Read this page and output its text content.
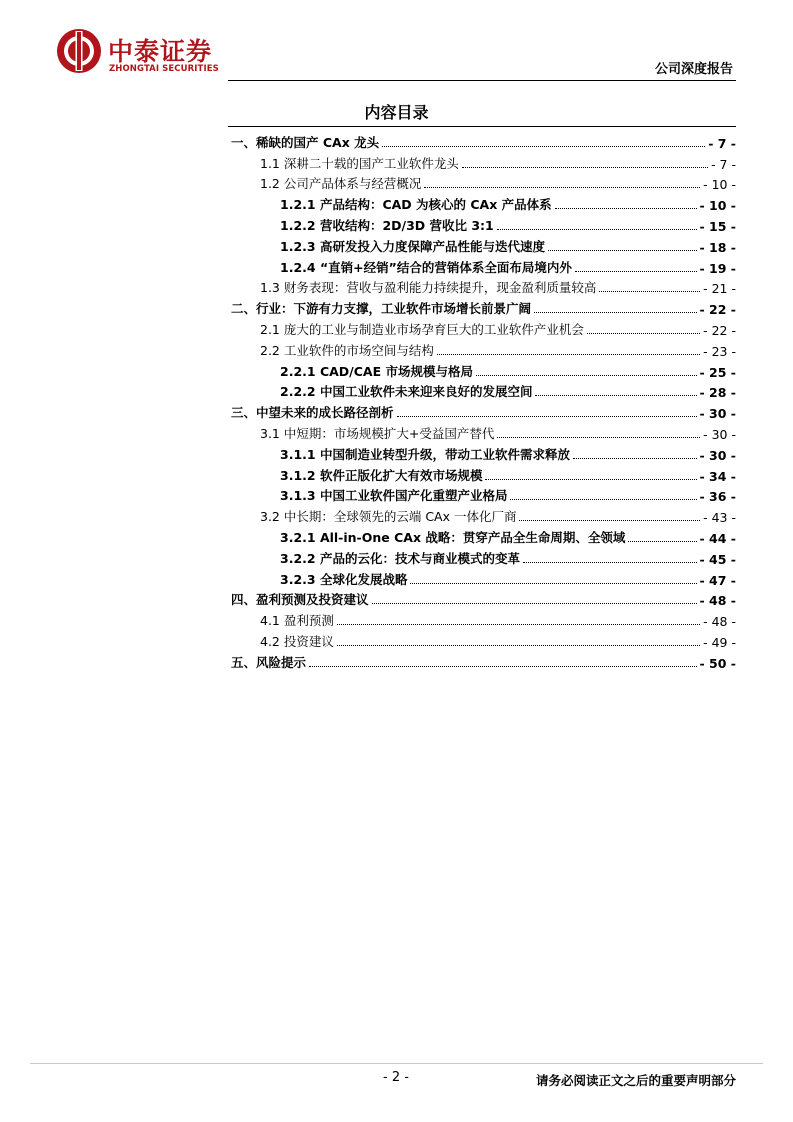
中泰证券
ZHONGTAI SECURITIES	公司深度报告
内容目录
一、稀缺的国产 CAx 龙头	- 7 -
1.1 深耕二十载的国产工业软件龙头	- 7 -
1.2 公司产品体系与经营概况	- 10 -
1.2.1 产品结构：CAD 为核心的 CAx 产品体系	- 10 -
1.2.2 营收结构：2D/3D 营收比 3:1	- 15 -
1.2.3 高研发投入力度保障产品性能与迭代速度	- 18 -
1.2.4 “直销+经销”结合的营销体系全面布局境内外	- 19 -
1.3 财务表现：营收与盈利能力持续提升，现金盈利质量较高	- 21 -
二、行业：下游有力支撑，工业软件市场增长前景广阔	- 22 -
2.1 庞大的工业与制造业市场孕育巨大的工业软件产业机会	- 22 -
2.2 工业软件的市场空间与结构	- 23 -
2.2.1 CAD/CAE 市场规模与格局	- 25 -
2.2.2 中国工业软件未来迎来良好的发展空间	- 28 -
三、中望未来的成长路径剖析	- 30 -
3.1 中短期：市场规模扩大+受益国产替代	- 30 -
3.1.1 中国制造业转型升级，带动工业软件需求释放	- 30 -
3.1.2 软件正版化扩大有效市场规模	- 34 -
3.1.3 中国工业软件国产化重塑产业格局	- 36 -
3.2 中长期：全球领先的云端 CAx 一体化厂商	- 43 -
3.2.1 All-in-One CAx 战略：贯穿产品全生命周期、全领域	- 44 -
3.2.2 产品的云化：技术与商业模式的变革	- 45 -
3.2.3 全球化发展战略	- 47 -
四、盈利预测及投资建议	- 48 -
4.1 盈利预测	- 48 -
4.2 投资建议	- 49 -
五、风险提示	- 50 -
- 2 -	请务必阅读正文之后的重要声明部分
